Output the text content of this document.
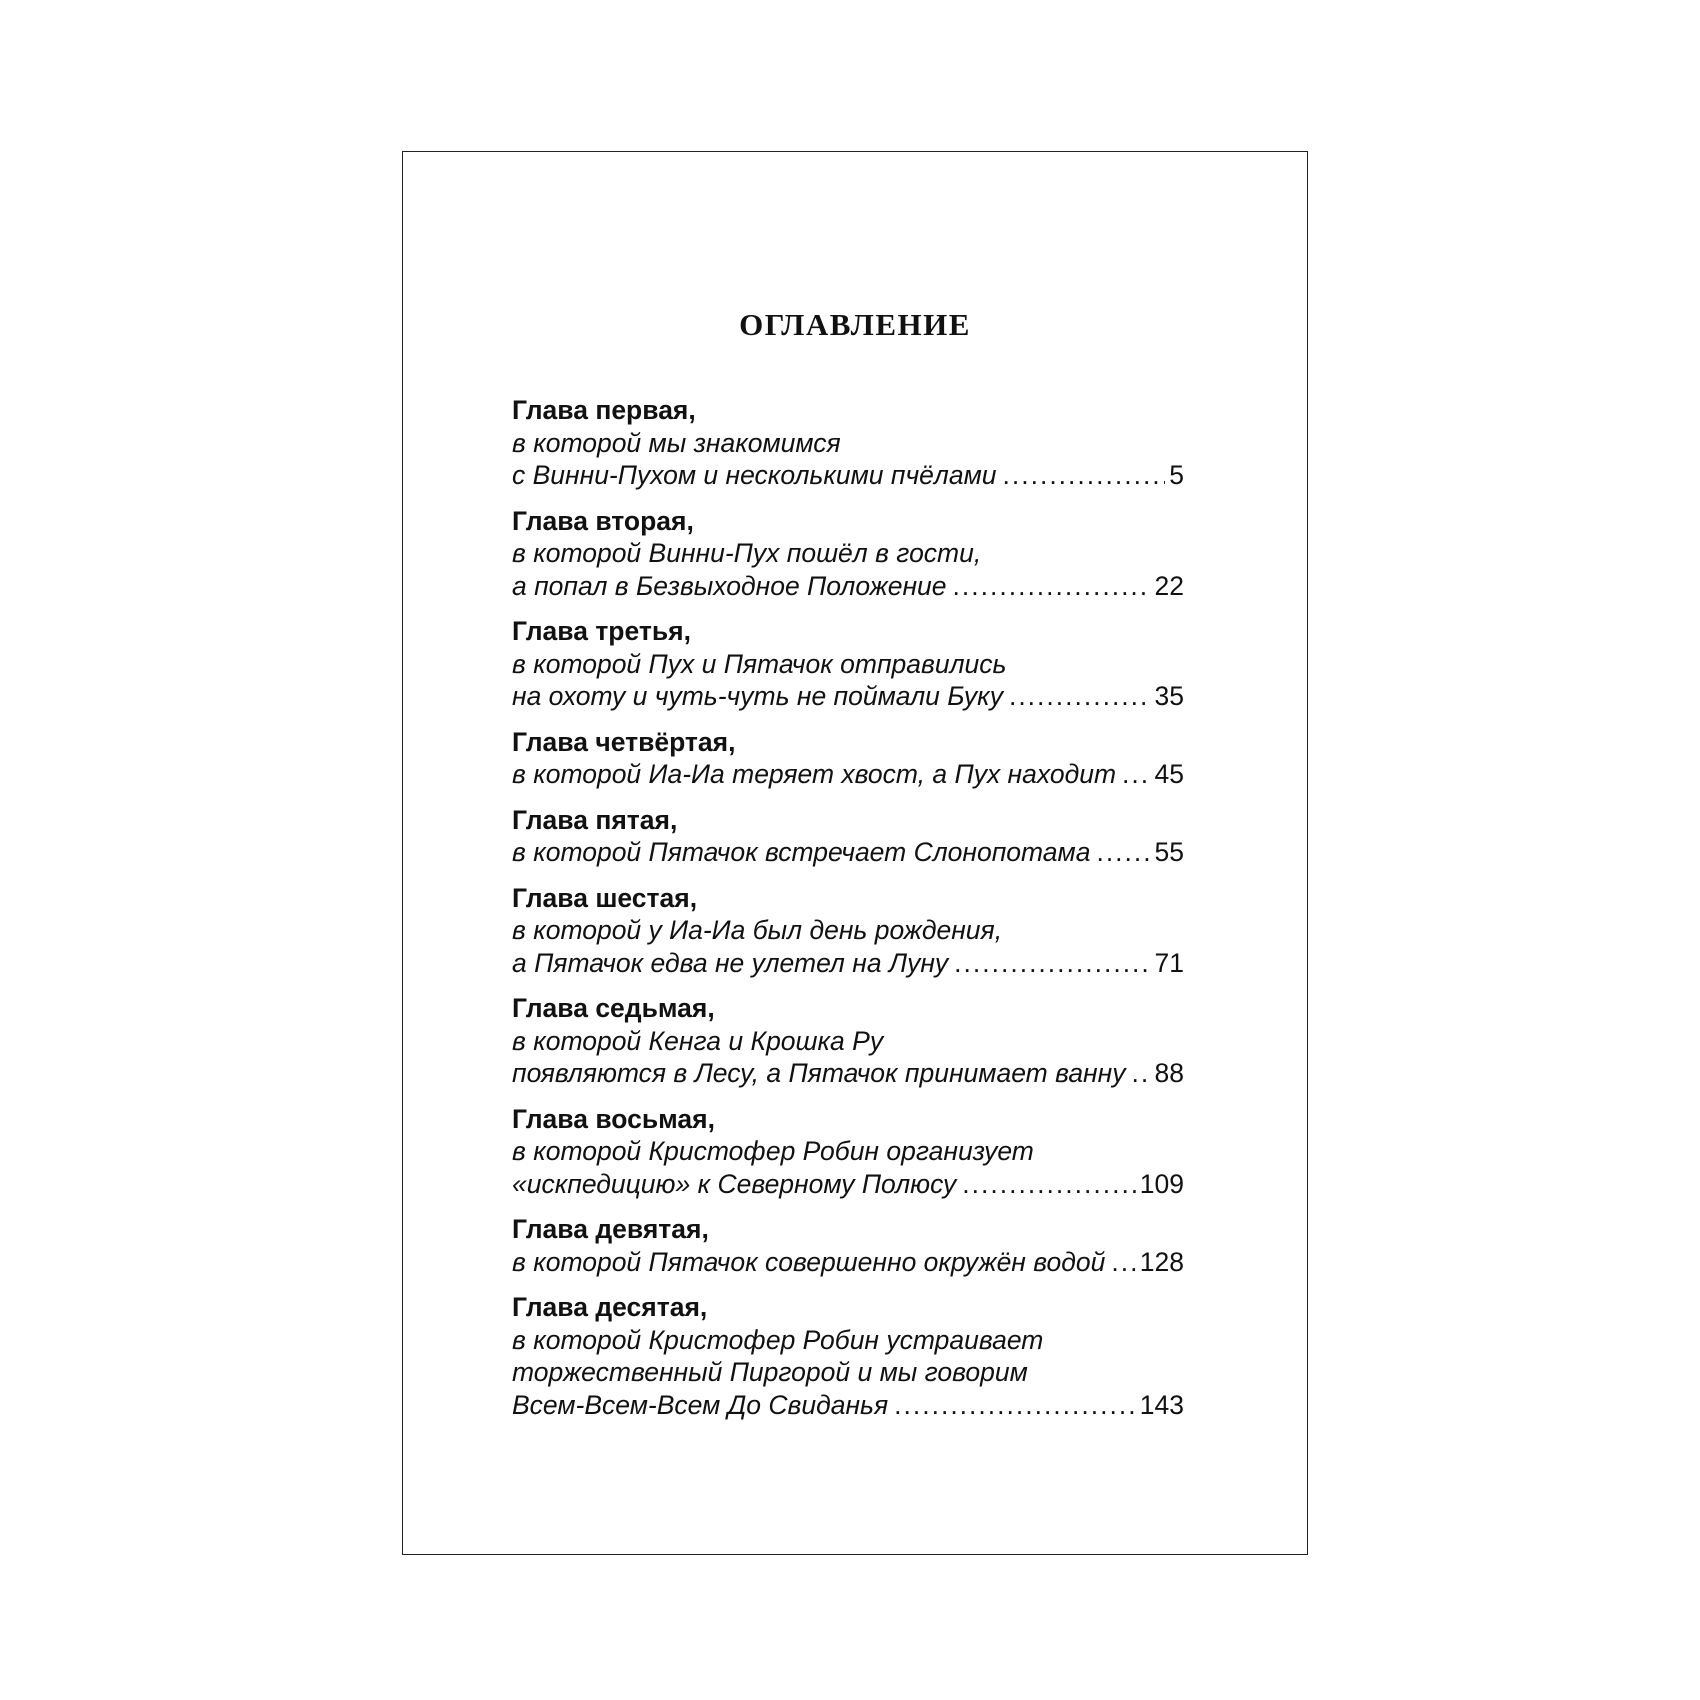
ОГЛАВЛЕНИЕ
Глава первая,
в которой мы знакомимся
с Винни-Пухом и несколькими пчёлами .....	5
Глава вторая,
в которой Винни-Пух пошёл в гости,
а попал в Безвыходное Положение .....	22
Глава третья,
в которой Пух и Пятачок отправились
на охоту и чуть-чуть не поймали Буку .....	35
Глава четвёртая,
в которой Иа-Иа теряет хвост, а Пух находит ..... 45
Глава пятая,
в которой Пятачок встречает Слонопотама ..... 55
Глава шестая,
в которой у Иа-Иа был день рождения,
а Пятачок едва не улетел на Луну .....	71
Глава седьмая,
в которой Кенга и Крошка Ру
появляются в Лесу, а Пятачок принимает ванну ..... 88
Глава восьмая,
в которой Кристофер Робин организует
«искпедицию» к Северному Полюсу .....	109
Глава девятая,
в которой Пятачок совершенно окружён водой ..... 128
Глава десятая,
в которой Кристофер Робин устраивает
торжественный Пиргорой и мы говорим
Всем-Всем-Всем До Свиданья .....	143
